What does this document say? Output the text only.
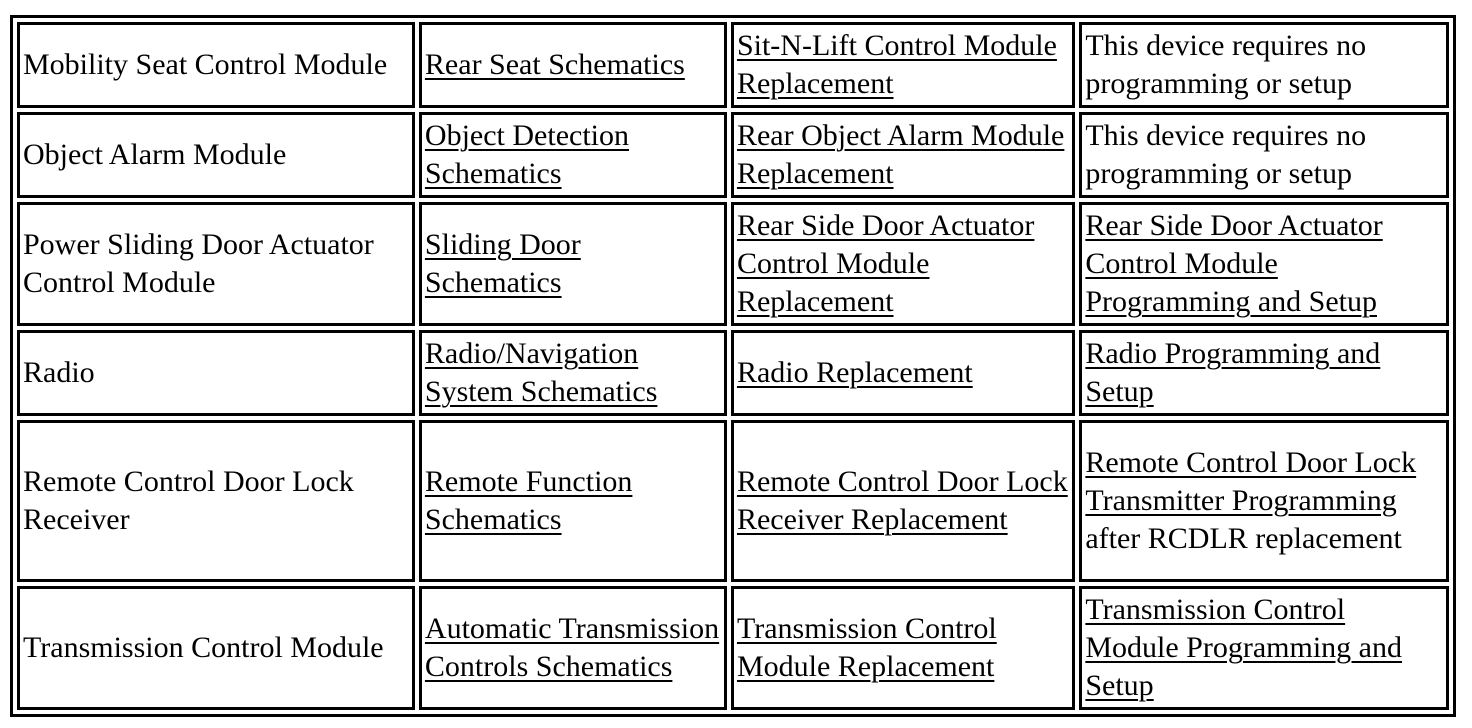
Mobility Seat Control Module	Rear Seat Schematics	Sit-N-Lift Control Module Replacement	This device requires no programming or setup
Object Alarm Module	Object Detection Schematics	Rear Object Alarm Module Replacement	This device requires no programming or setup
Power Sliding Door Actuator Control Module	Sliding Door Schematics	Rear Side Door Actuator Control Module Replacement	Rear Side Door Actuator Control Module Programming and Setup
Radio	Radio/Navigation System Schematics	Radio Replacement	Radio Programming and Setup
Remote Control Door Lock Receiver	Remote Function Schematics	Remote Control Door Lock Receiver Replacement	Remote Control Door Lock Transmitter Programming after RCDLR replacement
Transmission Control Module	Automatic Transmission Controls Schematics	Transmission Control Module Replacement	Transmission Control Module Programming and Setup
